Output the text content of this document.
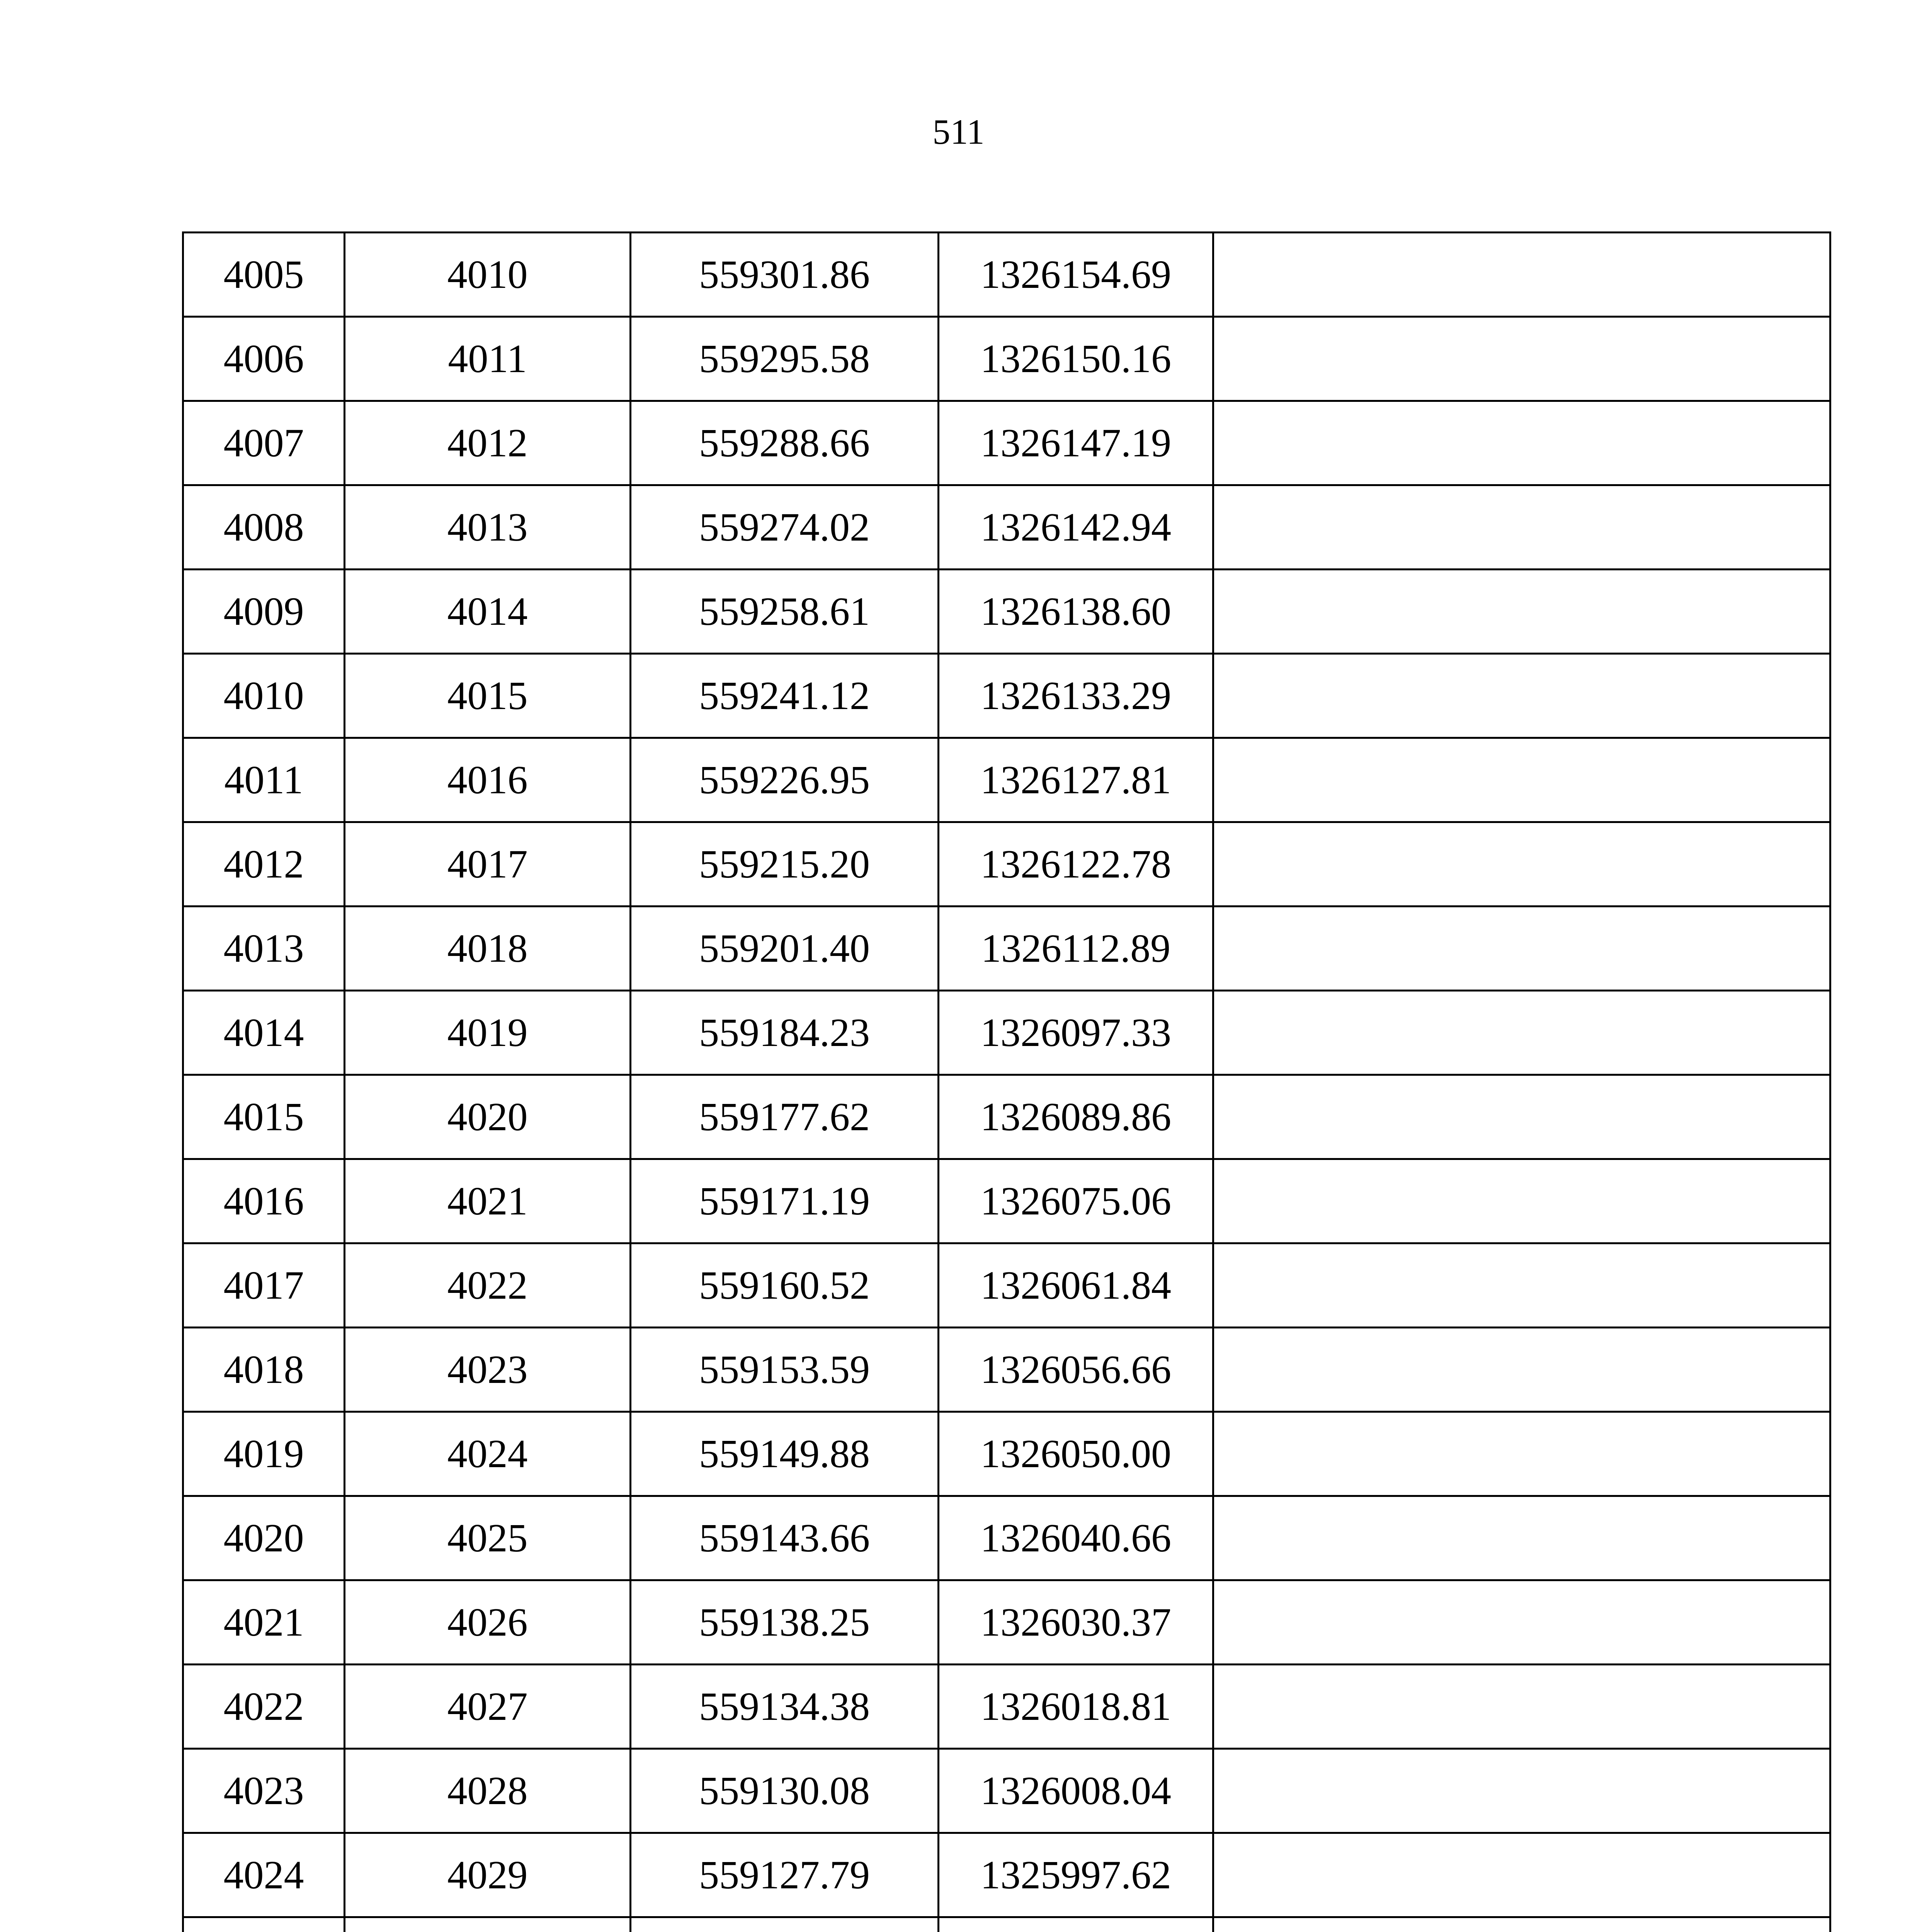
511
4005	4010	559301.86	1326154.69	
4006	4011	559295.58	1326150.16	
4007	4012	559288.66	1326147.19	
4008	4013	559274.02	1326142.94	
4009	4014	559258.61	1326138.60	
4010	4015	559241.12	1326133.29	
4011	4016	559226.95	1326127.81	
4012	4017	559215.20	1326122.78	
4013	4018	559201.40	1326112.89	
4014	4019	559184.23	1326097.33	
4015	4020	559177.62	1326089.86	
4016	4021	559171.19	1326075.06	
4017	4022	559160.52	1326061.84	
4018	4023	559153.59	1326056.66	
4019	4024	559149.88	1326050.00	
4020	4025	559143.66	1326040.66	
4021	4026	559138.25	1326030.37	
4022	4027	559134.38	1326018.81	
4023	4028	559130.08	1326008.04	
4024	4029	559127.79	1325997.62	
